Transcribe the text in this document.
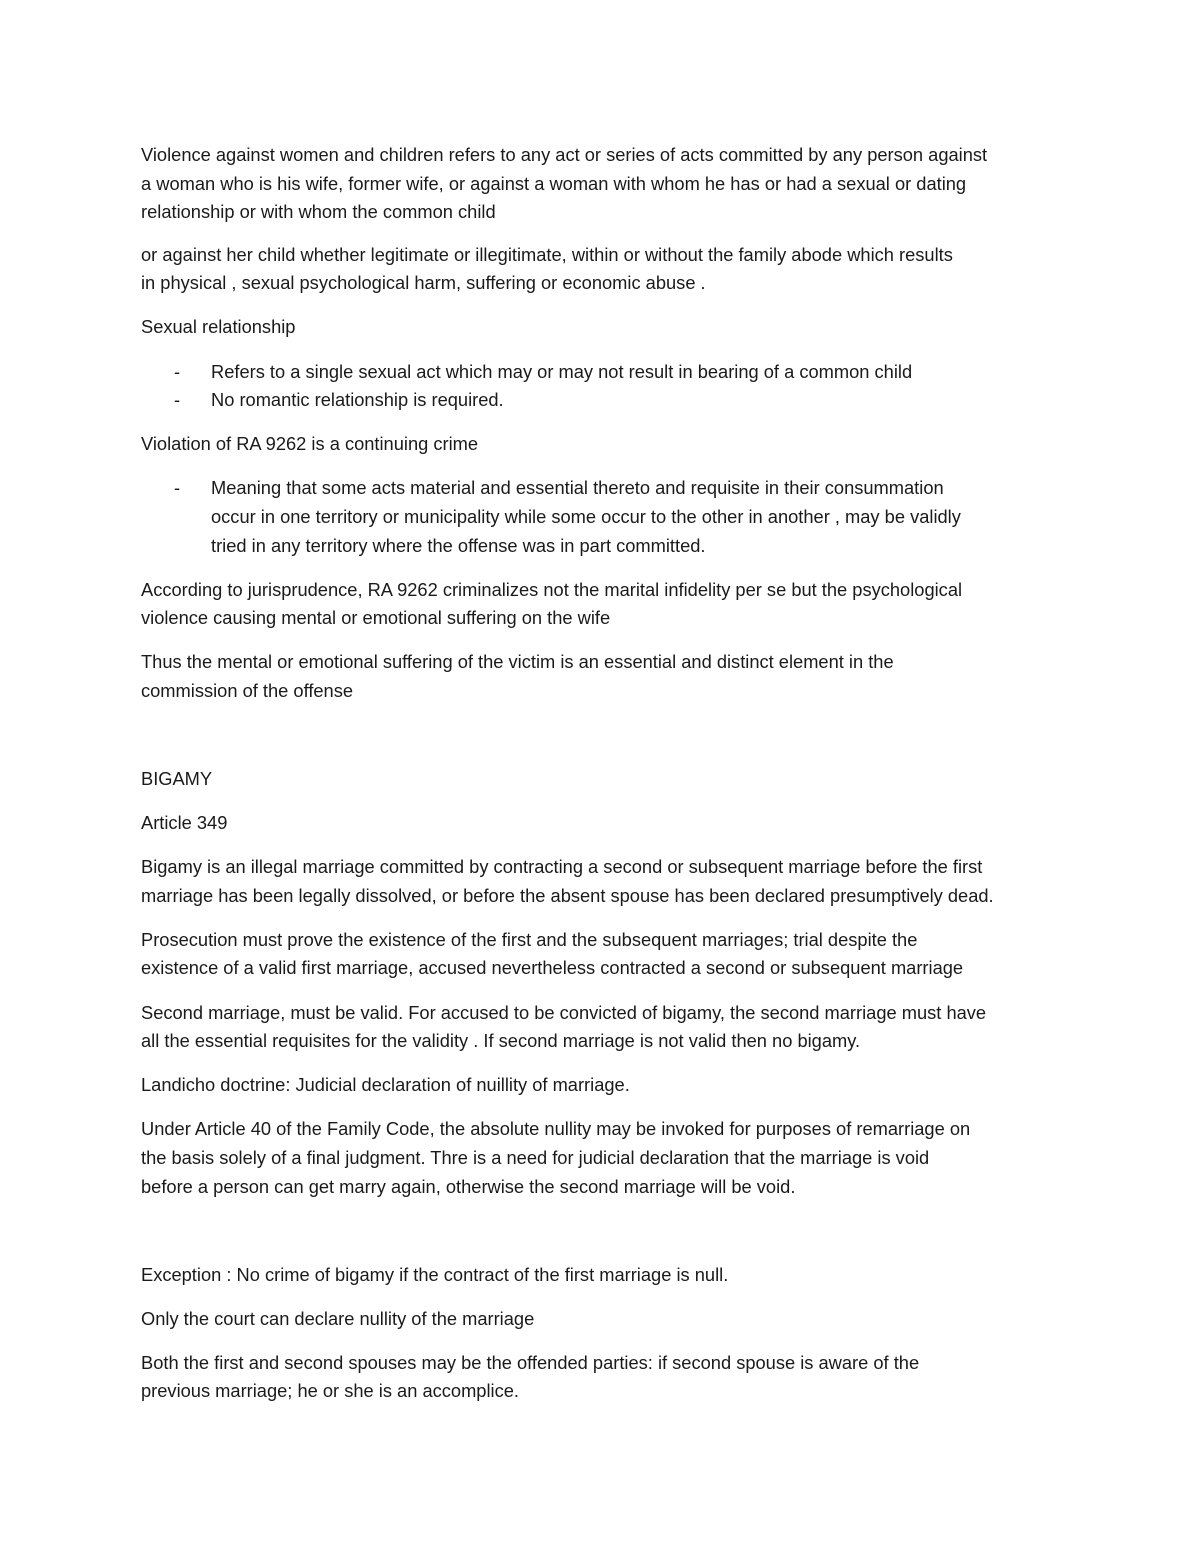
Violence against women and children refers to any act or series of acts committed by any person against
a woman who is his wife, former wife, or against a woman with whom he has or had a sexual or dating
relationship or with whom the common child

or against her child whether legitimate or illegitimate, within or without the family abode which results
in physical , sexual psychological harm, suffering or economic abuse .

Sexual relationship

- Refers to a single sexual act which may or may not result in bearing of a common child
- No romantic relationship is required.

Violation of RA 9262 is a continuing crime

- Meaning that some acts material and essential thereto and requisite in their consummation
occur in one territory or municipality while some occur to the other in another , may be validly
tried in any territory where the offense was in part committed.

According to jurisprudence, RA 9262 criminalizes not the marital infidelity per se but the psychological
violence causing mental or emotional suffering on the wife

Thus the mental or emotional suffering of the victim is an essential and distinct element in the
commission of the offense

BIGAMY

Article 349

Bigamy is an illegal marriage committed by contracting a second or subsequent marriage before the first
marriage has been legally dissolved, or before the absent spouse has been declared presumptively dead.

Prosecution must prove the existence of the first and the subsequent marriages; trial despite the
existence of a valid first marriage, accused nevertheless contracted a second or subsequent marriage

Second marriage, must be valid. For accused to be convicted of bigamy, the second marriage must have
all the essential requisites for the validity . If second marriage is not valid then no bigamy.

Landicho doctrine: Judicial declaration of nuillity of marriage.

Under Article 40 of the Family Code, the absolute nullity may be invoked for purposes of remarriage on
the basis solely of a final judgment. Thre is a need for judicial declaration that the marriage is void
before a person can get marry again, otherwise the second marriage will be void.

Exception : No crime of bigamy if the contract of the first marriage is null.

Only the court can declare nullity of the marriage

Both the first and second spouses may be the offended parties: if second spouse is aware of the
previous marriage; he or she is an accomplice.
